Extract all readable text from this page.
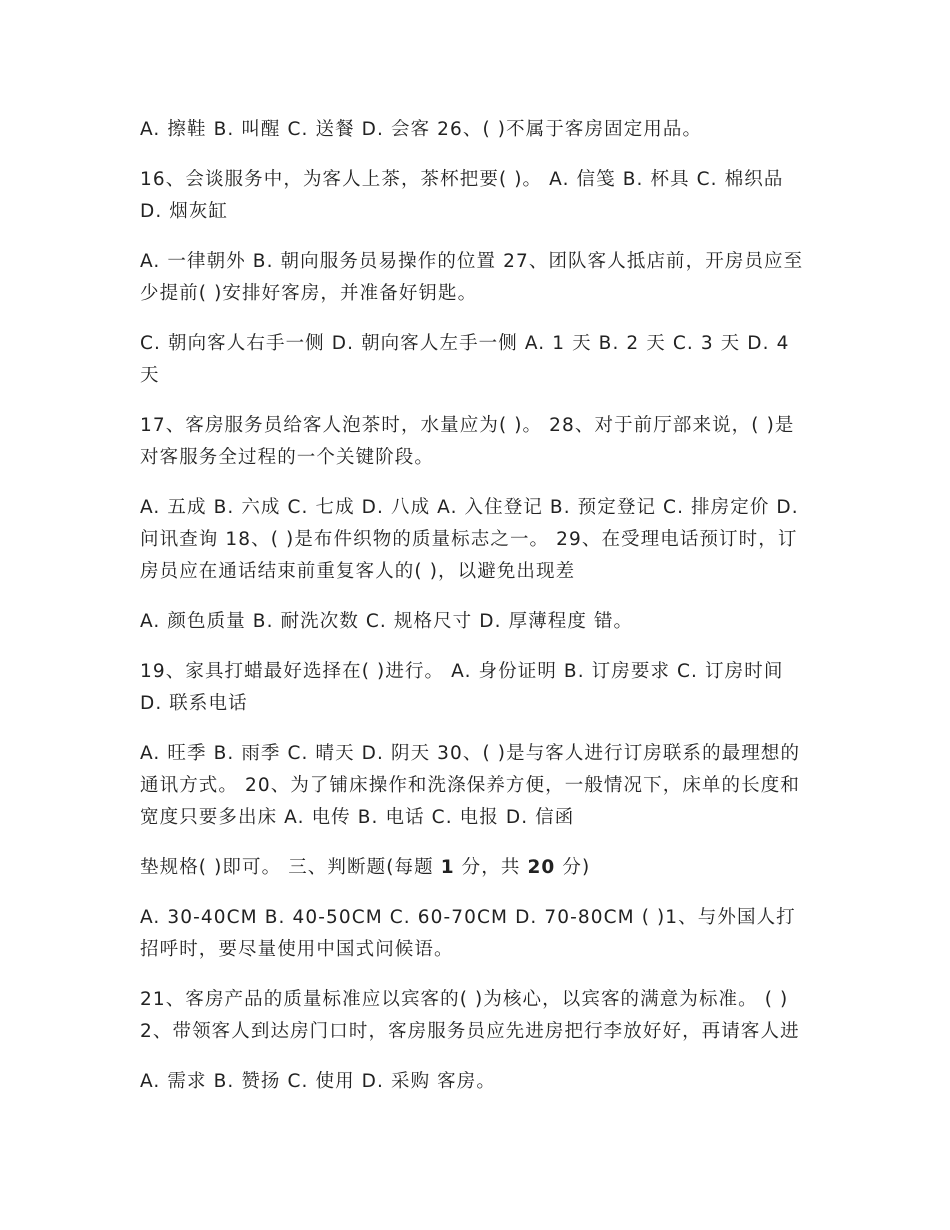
A. 擦鞋 B. 叫醒 C. 送餐 D. 会客 26、( )不属于客房固定用品。

16、会谈服务中，为客人上茶，茶杯把要( )。 A. 信笺 B. 杯具 C. 棉织品 D. 烟灰缸

A. 一律朝外 B. 朝向服务员易操作的位置 27、团队客人抵店前，开房员应至少提前( )安排好客房，并准备好钥匙。

C. 朝向客人右手一侧 D. 朝向客人左手一侧 A. 1 天 B. 2 天 C. 3 天 D. 4 天

17、客房服务员给客人泡茶时，水量应为( )。 28、对于前厅部来说，( )是对客服务全过程的一个关键阶段。

A. 五成 B. 六成 C. 七成 D. 八成 A. 入住登记 B. 预定登记 C. 排房定价 D. 问讯查询 18、( )是布件织物的质量标志之一。 29、在受理电话预订时，订房员应在通话结束前重复客人的( )，以避免出现差

A. 颜色质量 B. 耐洗次数 C. 规格尺寸 D. 厚薄程度 错。

19、家具打蜡最好选择在( )进行。 A. 身份证明 B. 订房要求 C. 订房时间 D. 联系电话

A. 旺季 B. 雨季 C. 晴天 D. 阴天 30、( )是与客人进行订房联系的最理想的通讯方式。 20、为了铺床操作和洗涤保养方便，一般情况下，床单的长度和宽度只要多出床 A. 电传 B. 电话 C. 电报 D. 信函

垫规格( )即可。 三、判断题(每题 1 分，共 20 分)

A. 30-40CM B. 40-50CM C. 60-70CM D. 70-80CM ( )1、与外国人打招呼时，要尽量使用中国式问候语。

21、客房产品的质量标准应以宾客的( )为核心，以宾客的满意为标准。 ( )2、带领客人到达房门口时，客房服务员应先进房把行李放好好，再请客人进

A. 需求 B. 赞扬 C. 使用 D. 采购 客房。
